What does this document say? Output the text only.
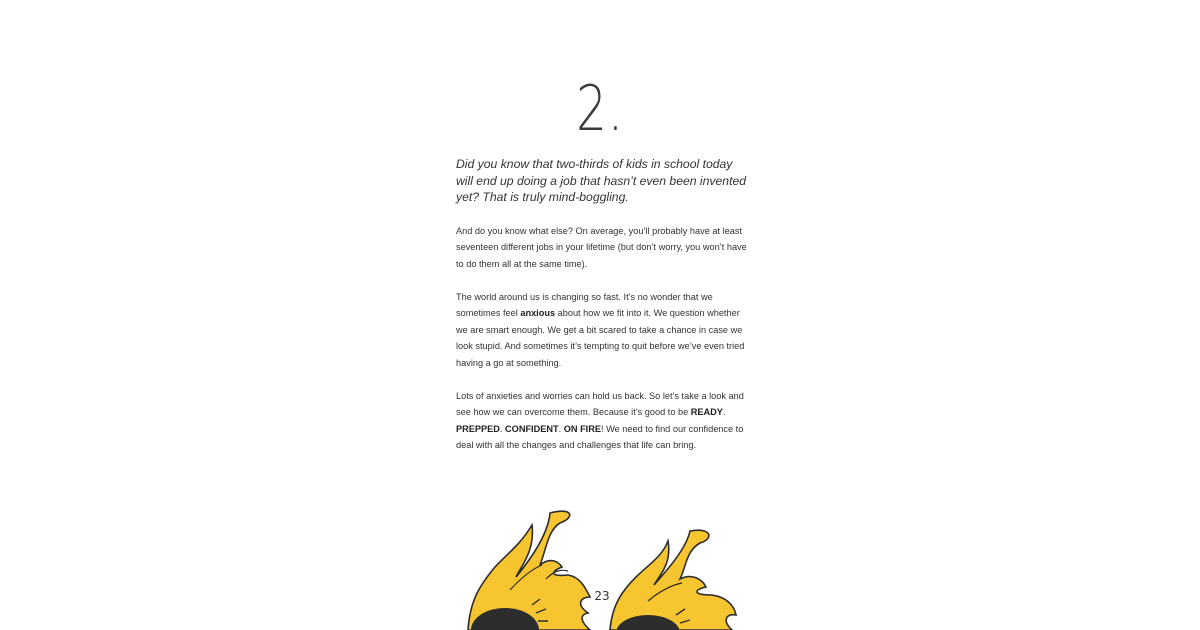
2.

Did you know that two-thirds of kids in school today will end up doing a job that hasn’t even been invented yet? That is truly mind-boggling.

And do you know what else? On average, you’ll probably have at least seventeen different jobs in your lifetime (but don’t worry, you won’t have to do them all at the same time).

The world around us is changing so fast. It’s no wonder that we sometimes feel anxious about how we fit into it. We question whether we are smart enough. We get a bit scared to take a chance in case we look stupid. And sometimes it’s tempting to quit before we’ve even tried having a go at something.

Lots of anxieties and worries can hold us back. So let’s take a look and see how we can overcome them. Because it’s good to be READY. PREPPED. CONFIDENT. ON FIRE! We need to find our confidence to deal with all the changes and challenges that life can bring.

23
